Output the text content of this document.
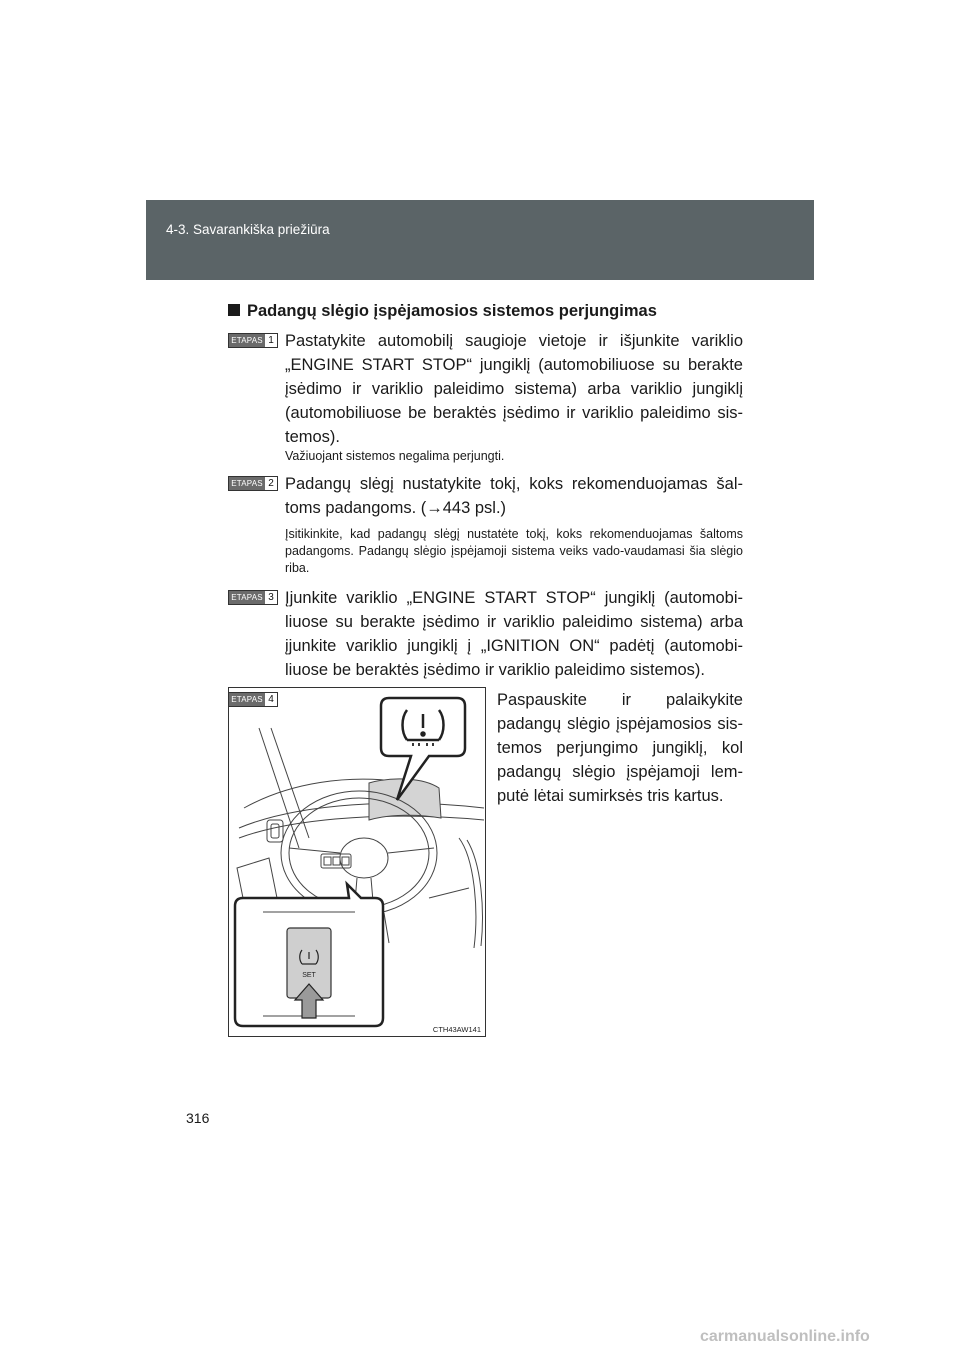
4-3. Savarankiška priežiūra
Padangų slėgio įspėjamosios sistemos perjungimas
ETAPAS 1 Pastatykite automobilį saugioje vietoje ir išjunkite variklio „ENGINE START STOP“ jungiklį (automobiliuose su berakte įsėdimo ir variklio paleidimo sistema) arba variklio jungiklį (automobiliuose be beraktės įsėdimo ir variklio paleidimo sis-temos).
Važiuojant sistemos negalima perjungti.
ETAPAS 2 Padangų slėgį nustatykite tokį, koks rekomenduojamas šal-toms padangoms. (→443 psl.)
Įsitikinkite, kad padangų slėgį nustatėte tokį, koks rekomenduojamas šaltoms padangoms. Padangų slėgio įspėjamoji sistema veiks vado-vaudamasi šia slėgio riba.
ETAPAS 3 Įjunkite variklio „ENGINE START STOP“ jungiklį (automobi-liuose su berakte įsėdimo ir variklio paleidimo sistema) arba įjunkite variklio jungiklį į „IGNITION ON“ padėtį (automobi-liuose be beraktės įsėdimo ir variklio paleidimo sistemos).
Paspauskite ir palaikykite padangų slėgio įspėjamosios sis-temos perjungimo jungiklį, kol padangų slėgio įspėjamoji lem-putė lėtai sumirksės tris kartus.
SET
CTH43AW141
ETAPAS 4
316
carmanualsonline.info
